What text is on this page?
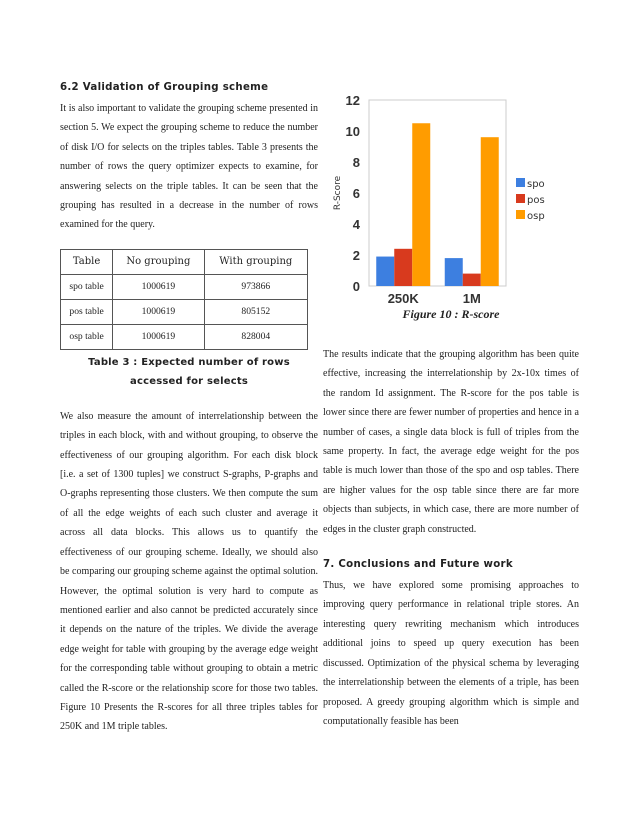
6.2 Validation of Grouping scheme

It is also important to validate the grouping scheme presented in section 5. We expect the grouping scheme to reduce the number of disk I/O for selects on the triples tables. Table 3 presents the number of rows the query optimizer expects to examine, for answering selects on the triple tables. It can be seen that the grouping has resulted in a decrease in the number of rows examined for the query.

Table	No grouping	With grouping
spo table	1000619	973866
pos table	1000619	805152
osp table	1000619	828004
Table 3 : Expected number of rows accessed for selects

We also measure the amount of interrelationship between the triples in each block, with and without grouping, to observe the effectiveness of our grouping algorithm. For each disk block [i.e. a set of 1300 tuples] we construct S-graphs, P-graphs and O-graphs representing those clusters. We then compute the sum of all the edge weights of each such cluster and average it across all data blocks. This allows us to quantify the effectiveness of our grouping scheme. Ideally, we should also be comparing our grouping scheme against the optimal solution. However, the optimal solution is very hard to compute as mentioned earlier and also cannot be predicted accurately since it depends on the nature of the triples. We divide the average edge weight for table with grouping by the average edge weight for the corresponding table without grouping to obtain a metric called the R-score or the relationship score for those two tables. Figure 10 Presents the R-scores for all three triples tables for 250K and 1M triple tables.

0
2
4
6
8
10
12
R-Score
250K	1M
spo
pos
osp
Figure 10 : R-score

The results indicate that the grouping algorithm has been quite effective, increasing the interrelationship by 2x-10x times of the random Id assignment. The R-score for the pos table is lower since there are fewer number of properties and hence in a number of cases, a single data block is full of triples from the same property. In fact, the average edge weight for the pos table is much lower than those of the spo and osp tables. There are higher values for the osp table since there are far more objects than subjects, in which case, there are more number of edges in the cluster graph constructed.

7. Conclusions and Future work

Thus, we have explored some promising approaches to improving query performance in relational triple stores. An interesting query rewriting mechanism which introduces additional joins to speed up query execution has been discussed. Optimization of the physical schema by leveraging the interrelationship between the elements of a triple, has been proposed. A greedy grouping algorithm which is simple and computationally feasible has been
